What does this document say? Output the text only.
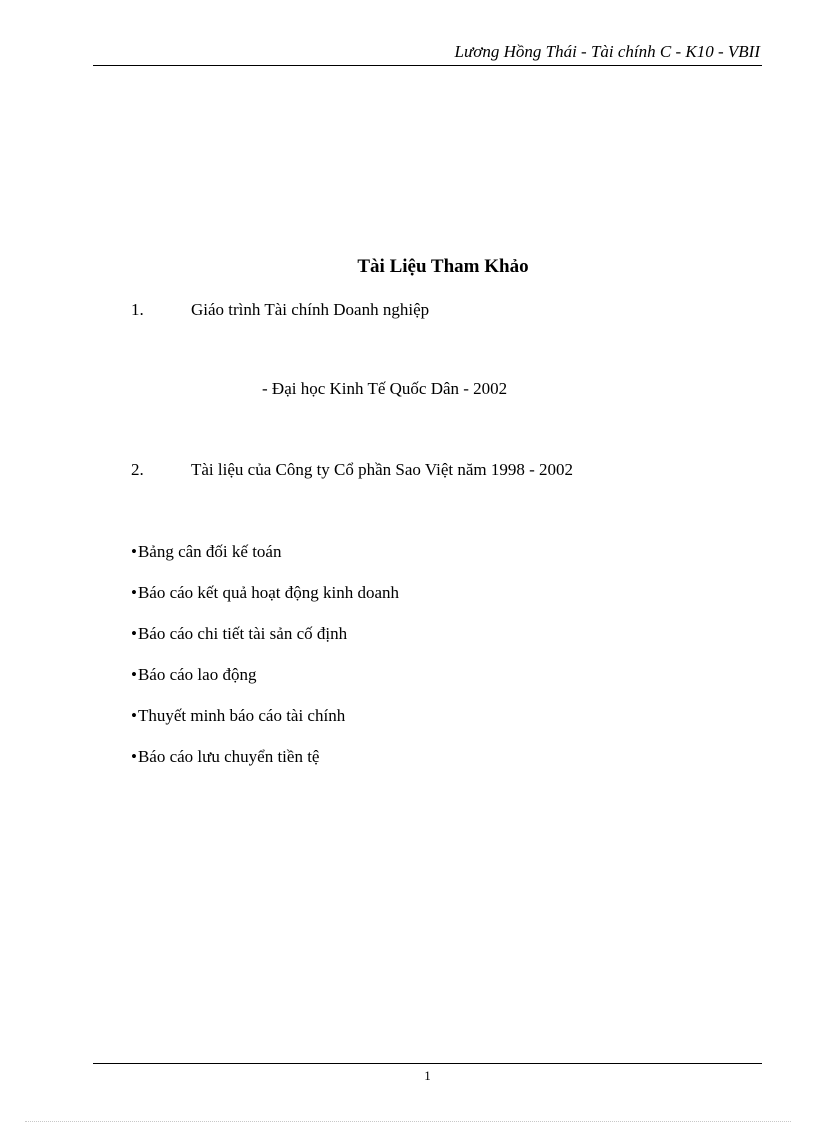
Lương Hồng Thái - Tài chính C - K10 - VBII
Tài Liệu Tham Khảo
1.	Giáo trình Tài chính Doanh nghiệp
- Đại học Kinh Tế Quốc Dân - 2002
2.	Tài liệu của Công ty Cổ phần Sao Việt năm 1998 - 2002
•Bảng cân đối kế toán
•Báo cáo kết quả hoạt động kinh doanh
•Báo cáo chi tiết tài sản cố định
•Báo cáo lao động
•Thuyết minh báo cáo tài chính
•Báo cáo lưu chuyển tiền tệ
1
